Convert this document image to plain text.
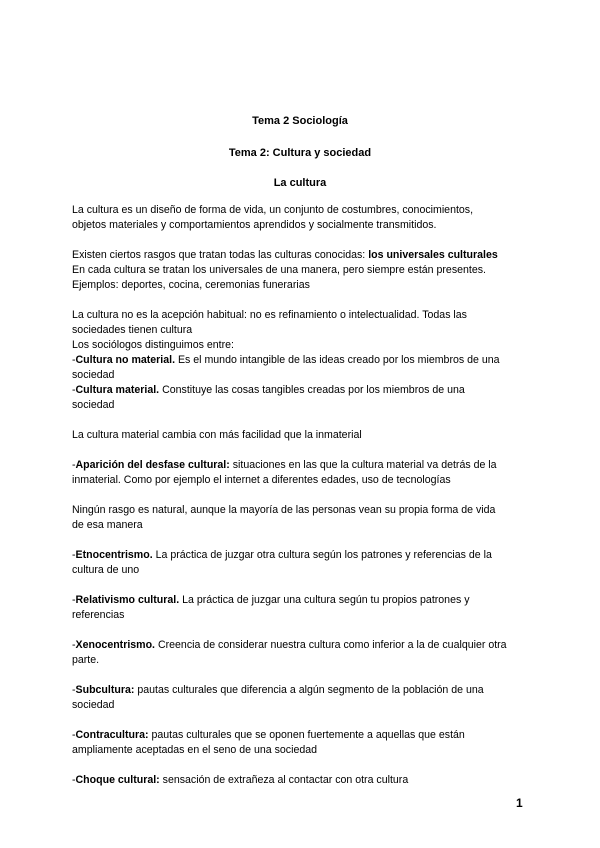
Tema 2 Sociología
Tema 2: Cultura y sociedad
La cultura

La cultura es un diseño de forma de vida, un conjunto de costumbres, conocimientos,

objetos materiales y comportamientos aprendidos y socialmente transmitidos.

Existen ciertos rasgos que tratan todas las culturas conocidas: los universales culturales

En cada cultura se tratan los universales de una manera, pero siempre están presentes.

Ejemplos: deportes, cocina, ceremonias funerarias

La cultura no es la acepción habitual: no es refinamiento o intelectualidad. Todas las

sociedades tienen cultura

Los sociólogos distinguimos entre:

-Cultura no material. Es el mundo intangible de las ideas creado por los miembros de una

sociedad

-Cultura material. Constituye las cosas tangibles creadas por los miembros de una

sociedad

La cultura material cambia con más facilidad que la inmaterial

-Aparición del desfase cultural: situaciones en las que la cultura material va detrás de la

inmaterial. Como por ejemplo el internet a diferentes edades, uso de tecnologías

Ningún rasgo es natural, aunque la mayoría de las personas vean su propia forma de vida

de esa manera

-Etnocentrismo. La práctica de juzgar otra cultura según los patrones y referencias de la

cultura de uno

-Relativismo cultural. La práctica de juzgar una cultura según tu propios patrones y

referencias

-Xenocentrismo. Creencia de considerar nuestra cultura como inferior a la de cualquier otra

parte.

-Subcultura: pautas culturales que diferencia a algún segmento de la población de una

sociedad

-Contracultura: pautas culturales que se oponen fuertemente a aquellas que están

ampliamente aceptadas en el seno de una sociedad

-Choque cultural: sensación de extrañeza al contactar con otra cultura

1
